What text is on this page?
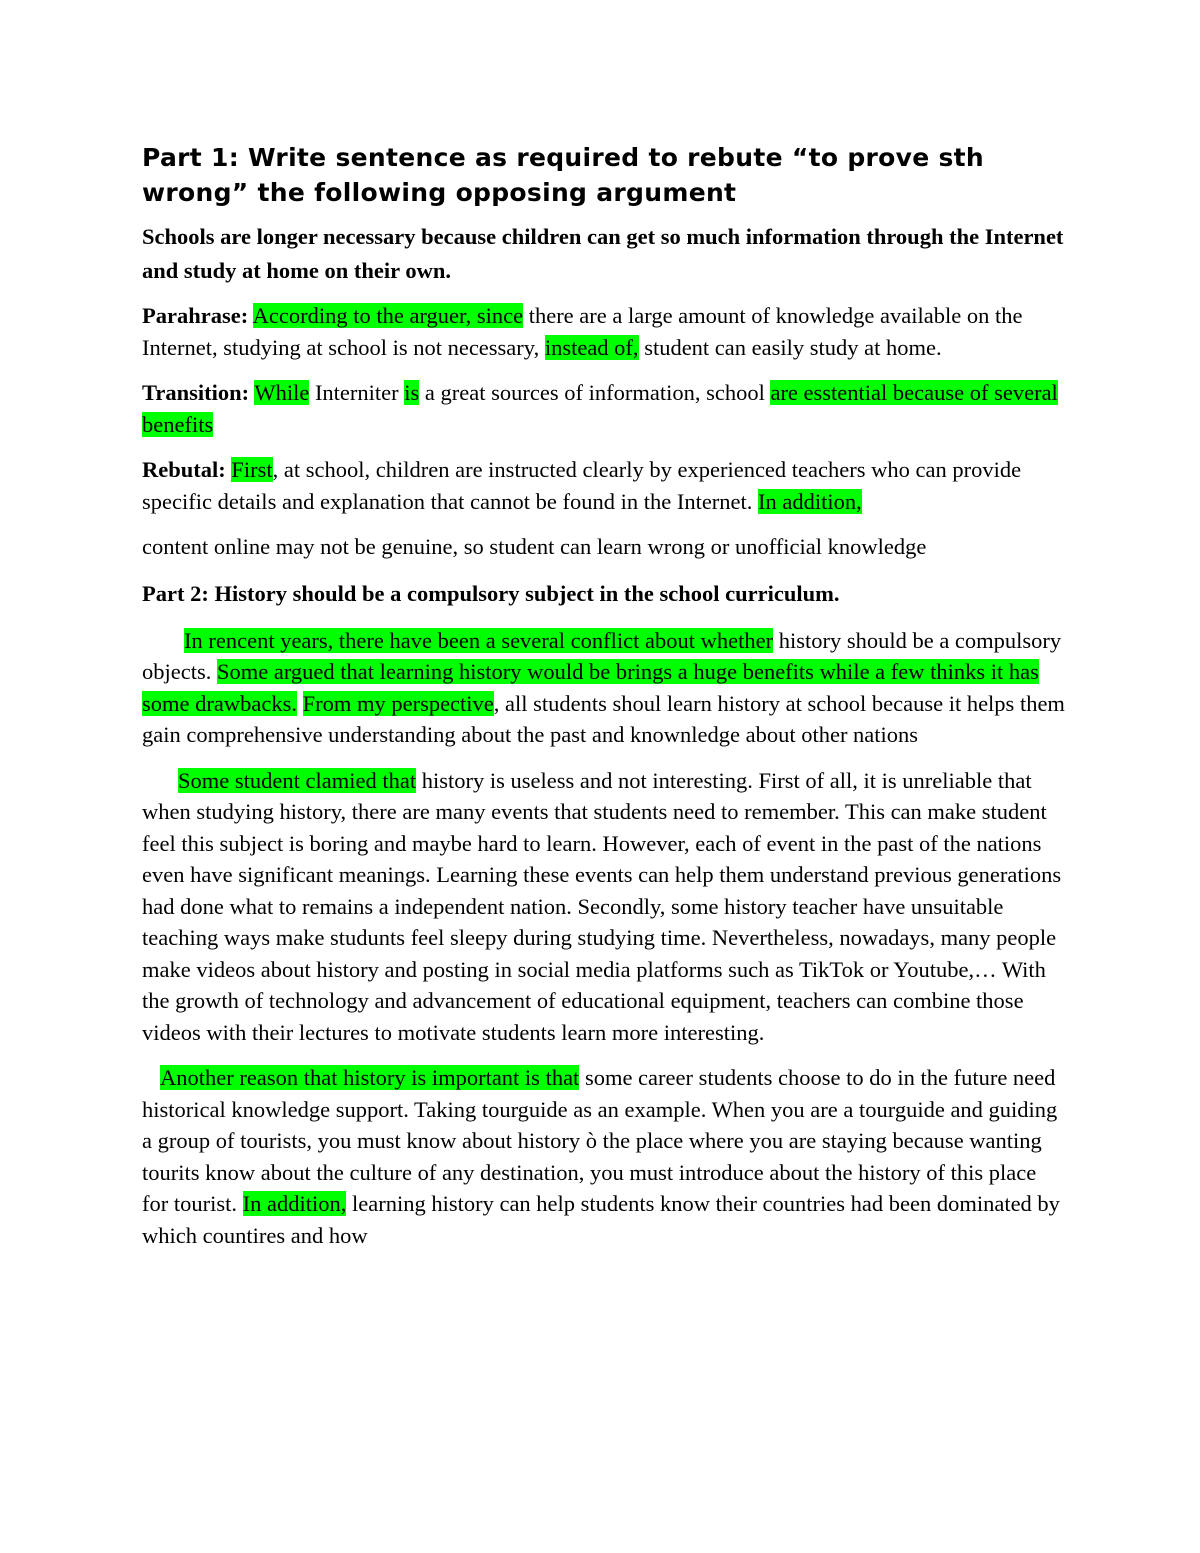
Part 1: Write sentence as required to rebute “to prove sth wrong” the following opposing argument
Schools are longer necessary because children can get so much information through the Internet and study at home on their own.

Parahrase: According to the arguer, since there are a large amount of knowledge available on the Internet, studying at school is not necessary, instead of, student can easily study at home.

Transition: While Interniter is a great sources of information, school are esstential because of several benefits

Rebutal: First, at school, children are instructed clearly by experienced teachers who can provide specific details and explanation that cannot be found in the Internet. In addition,

content online may not be genuine, so student can learn wrong or unofficial knowledge

Part 2: History should be a compulsory subject in the school curriculum.

In rencent years, there have been a several conflict about whether history should be a compulsory objects. Some argued that learning history would be brings a huge benefits while a few thinks it has some drawbacks. From my perspective, all students shoul learn history at school because it helps them gain comprehensive understanding about the past and knownledge about other nations

Some student clamied that history is useless and not interesting. First of all, it is unreliable that when studying history, there are many events that students need to remember. This can make student feel this subject is boring and maybe hard to learn. However, each of event in the past of the nations even have significant meanings. Learning these events can help them understand previous generations had done what to remains a independent nation. Secondly, some history teacher have unsuitable teaching ways make studunts feel sleepy during studying time. Nevertheless, nowadays, many people make videos about history and posting in social media platforms such as TikTok or Youtube,… With the growth of technology and advancement of educational equipment, teachers can combine those videos with their lectures to motivate students learn more interesting.

Another reason that history is important is that some career students choose to do in the future need historical knowledge support. Taking tourguide as an example. When you are a tourguide and guiding a group of tourists, you must know about history ò the place where you are staying because wanting tourits know about the culture of any destination, you must introduce about the history of this place for tourist. In addition, learning history can help students know their countries had been dominated by which countires and how
